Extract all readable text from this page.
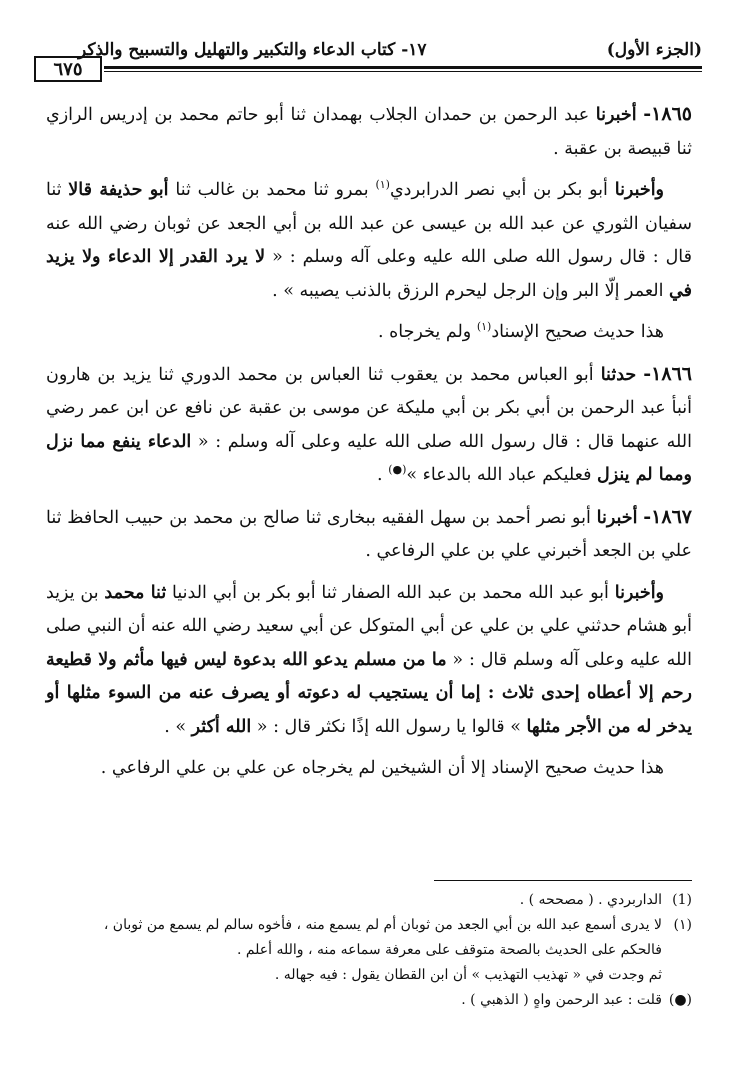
(الجزء الأول)
١٧- كتاب الدعاء والتكبير والتهليل والتسبيح والذكر
٦٧٥

١٨٦٥- أخبرنا عبد الرحمن بن حمدان الجلاب بهمدان ثنا أبو حاتم محمد بن إدريس الرازي ثنا قبيصة بن عقبة .

وأخبرنا أبو بكر بن أبي نصر الدرابردي$^{(١)}$ بمرو ثنا محمد بن غالب ثنا أبو حذيفة قالا ثنا سفيان الثوري عن عبد الله بن عيسى عن عبد الله بن أبي الجعد عن ثوبان رضي الله عنه قال : قال رسول الله صلى الله عليه وعلى آله وسلم : « لا يرد القدر إلا الدعاء ولا يزيد في العمر إلّا البر وإن الرجل ليحرم الرزق بالذنب يصيبه » .

هذا حديث صحيح الإسناد$^{(١)}$ ولم يخرجاه .

١٨٦٦- حدثنا أبو العباس محمد بن يعقوب ثنا العباس بن محمد الدوري ثنا يزيد بن هارون أنبأ عبد الرحمن بن أبي بكر بن أبي مليكة عن موسى بن عقبة عن نافع عن ابن عمر رضي الله عنهما قال : قال رسول الله صلى الله عليه وعلى آله وسلم : « الدعاء ينفع مما نزل ومما لم ينزل فعليكم عباد الله بالدعاء »(●) .

١٨٦٧- أخبرنا أبو نصر أحمد بن سهل الفقيه ببخارى ثنا صالح بن محمد بن حبيب الحافظ ثنا علي بن الجعد أخبرني علي بن علي الرفاعي .

وأخبرنا أبو عبد الله محمد بن عبد الله الصفار ثنا أبو بكر بن أبي الدنيا ثنا محمد بن يزيد أبو هشام حدثني علي بن علي عن أبي المتوكل عن أبي سعيد رضي الله عنه أن النبي صلى الله عليه وعلى آله وسلم قال : « ما من مسلم يدعو الله بدعوة ليس فيها مأثم ولا قطيعة رحم إلا أعطاه إحدى ثلاث : إما أن يستجيب له دعوته أو يصرف عنه من السوء مثلها أو يدخر له من الأجر مثلها » قالوا يا رسول الله إذًا نكثر قال : « الله أكثر » .

هذا حديث صحيح الإسناد إلا أن الشيخين لم يخرجاه عن علي بن علي الرفاعي .

(1)
الداربردي . ( مصححه ) .
(١)
لا يدرى أسمع عبد الله بن أبي الجعد من ثوبان أم لم يسمع منه ، فأخوه سالم لم يسمع من ثوبان ،
فالحكم على الحديث بالصحة متوقف على معرفة سماعه منه ، والله أعلم .
ثم وجدت في « تهذيب التهذيب » أن ابن القطان يقول : فيه جهاله .
(●)
قلت : عبد الرحمن واهٍ ( الذهبي ) .
